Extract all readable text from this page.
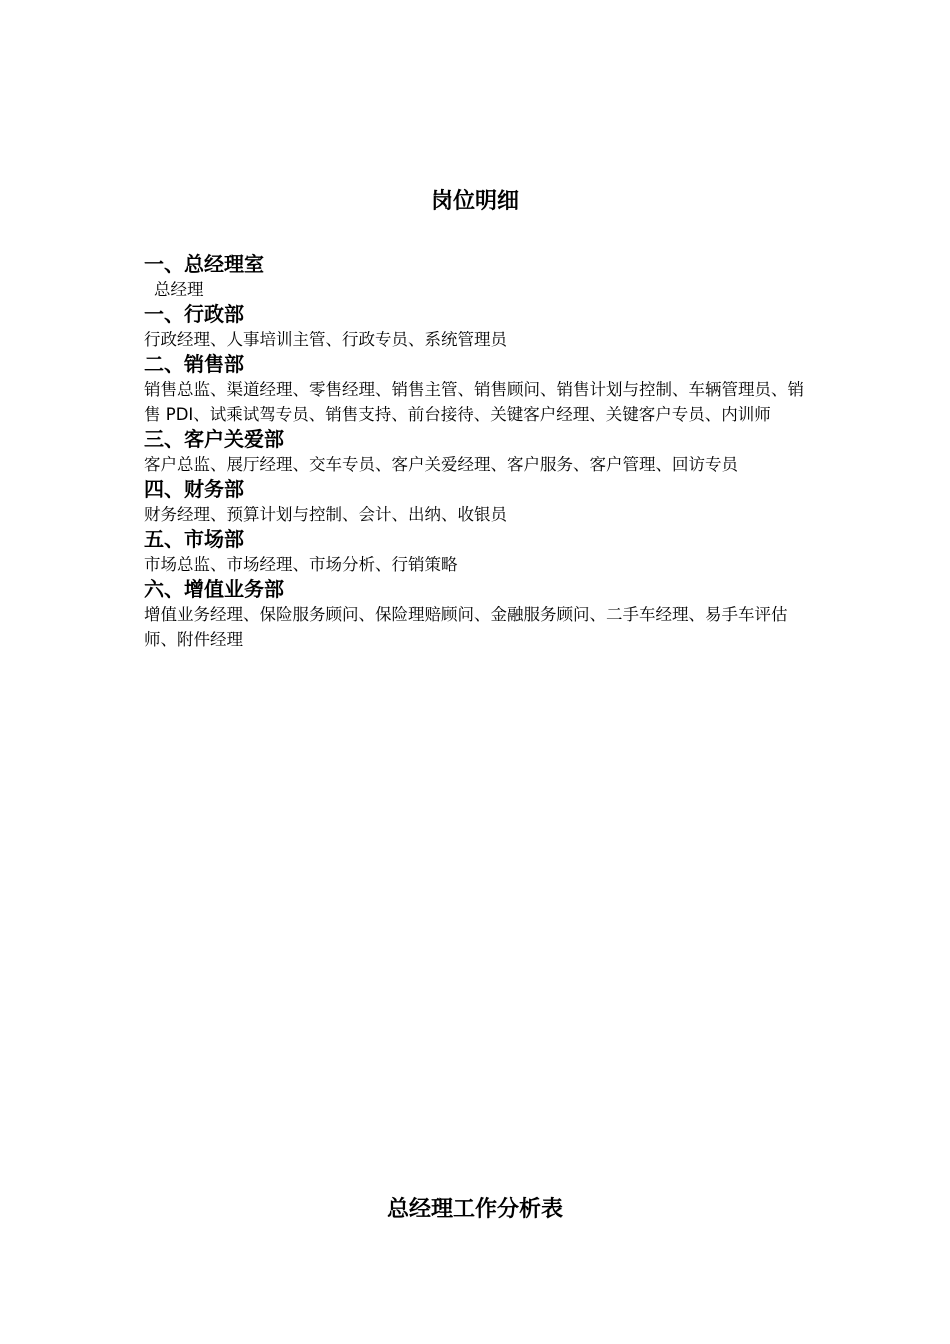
岗位明细

一、总经理室

总经理

一、行政部

行政经理、人事培训主管、行政专员、系统管理员

二、销售部

销售总监、渠道经理、零售经理、销售主管、销售顾问、销售计划与控制、车辆管理员、销售 PDI、试乘试驾专员、销售支持、前台接待、关键客户经理、关键客户专员、内训师

三、客户关爱部

客户总监、展厅经理、交车专员、客户关爱经理、客户服务、客户管理、回访专员

四、财务部

财务经理、预算计划与控制、会计、出纳、收银员

五、市场部

市场总监、市场经理、市场分析、行销策略

六、增值业务部

增值业务经理、保险服务顾问、保险理赔顾问、金融服务顾问、二手车经理、易手车评估师、附件经理

总经理工作分析表
